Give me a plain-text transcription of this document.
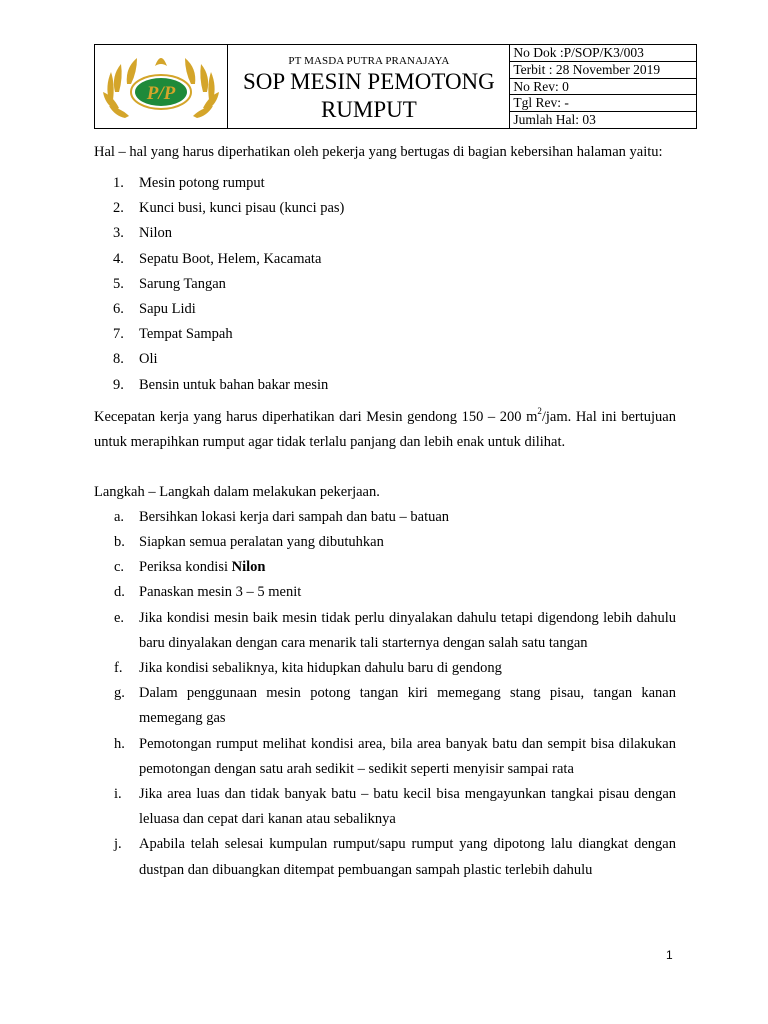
P/P

PT MASDA PUTRA PRANAJAYA
SOP MESIN PEMOTONG
RUMPUT

No Dok :P/SOP/K3/003
Terbit : 28 November 2019
No Rev: 0
Tgl Rev: -
Jumlah Hal: 03

Hal – hal yang harus diperhatikan oleh pekerja yang bertugas di bagian kebersihan halaman yaitu:

1.	Mesin potong rumput
2.	Kunci busi, kunci pisau (kunci pas)
3.	Nilon
4.	Sepatu Boot, Helem, Kacamata
5.	Sarung Tangan
6.	Sapu Lidi
7.	Tempat Sampah
8.	Oli
9.	Bensin untuk bahan bakar mesin

Kecepatan kerja yang harus diperhatikan dari Mesin gendong 150 – 200 $m^2$/jam. Hal ini bertujuan untuk merapihkan rumput agar tidak terlalu panjang dan lebih enak untuk dilihat.

Langkah – Langkah dalam melakukan pekerjaan.

a. Bersihkan lokasi kerja dari sampah dan batu – batuan
b. Siapkan semua peralatan yang dibutuhkan
c. Periksa kondisi Nilon
d. Panaskan mesin 3 – 5 menit
e. Jika kondisi mesin baik mesin tidak perlu dinyalakan dahulu tetapi digendong lebih dahulu baru dinyalakan dengan cara menarik tali starternya dengan salah satu tangan
f. Jika kondisi sebaliknya, kita hidupkan dahulu baru di gendong
g. Dalam penggunaan mesin potong tangan kiri memegang stang pisau, tangan kanan memegang gas
h. Pemotongan rumput melihat kondisi area, bila area banyak batu dan sempit bisa dilakukan pemotongan dengan satu arah sedikit – sedikit seperti menyisir sampai rata
i. Jika area luas dan tidak banyak batu – batu kecil bisa mengayunkan tangkai pisau dengan leluasa dan cepat dari kanan atau sebaliknya
j. Apabila telah selesai kumpulan rumput/sapu rumput yang dipotong lalu diangkat dengan dustpan dan dibuangkan ditempat pembuangan sampah plastic terlebih dahulu
1
